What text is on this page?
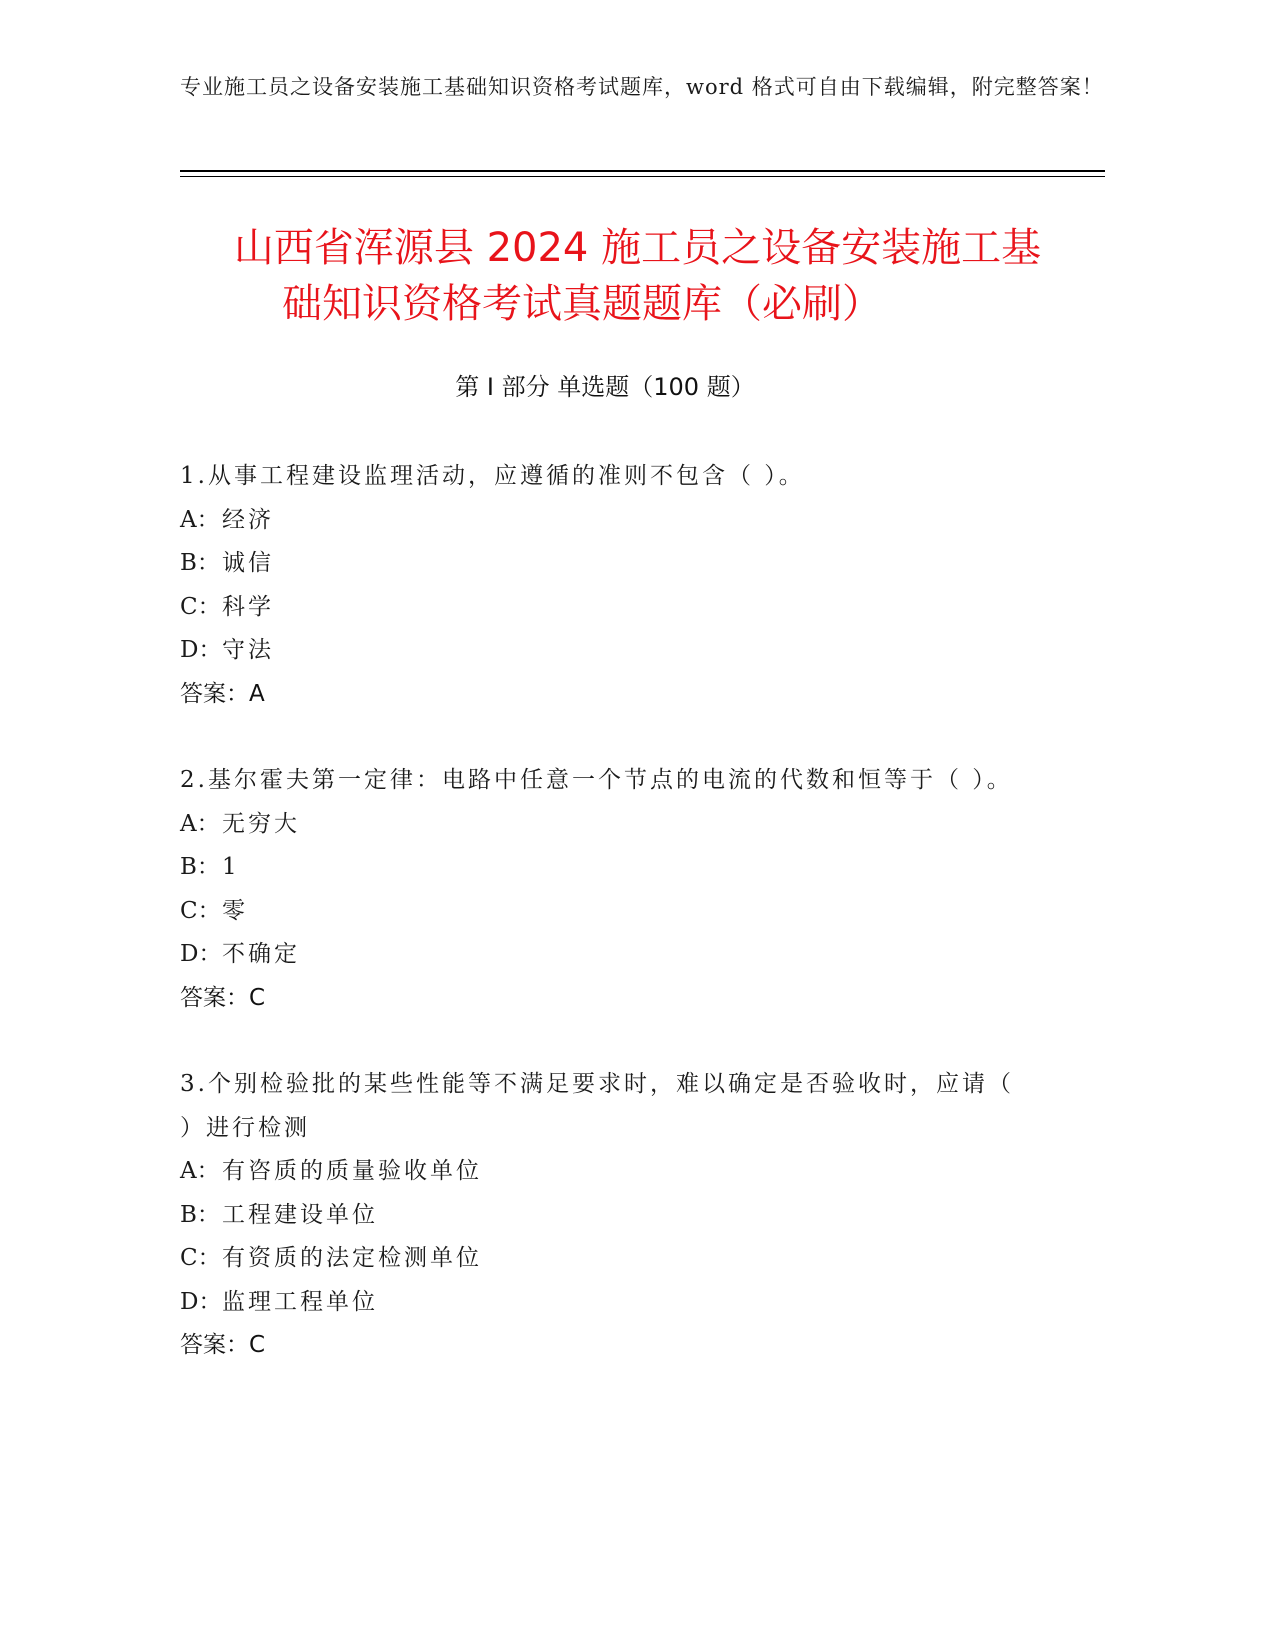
专业施工员之设备安装施工基础知识资格考试题库，word 格式可自由下载编辑，附完整答案！
山西省浑源县 2024 施工员之设备安装施工基
础知识资格考试真题题库（必刷）
第 I 部分 单选题（100 题）
1.从事工程建设监理活动，应遵循的准则不包含（ ）。
A： 经济
B：诚信
C：科学
D：守法
答案：A
2.基尔霍夫第一定律：电路中任意一个节点的电流的代数和恒等于（ ）。
A： 无穷大
B：1
C：零
D：不确定
答案：C
3.个别检验批的某些性能等不满足要求时，难以确定是否验收时，应请（ ）进行检测
A： 有咨质的质量验收单位
B：工程建设单位
C：有资质的法定检测单位
D：监理工程单位
答案：C
